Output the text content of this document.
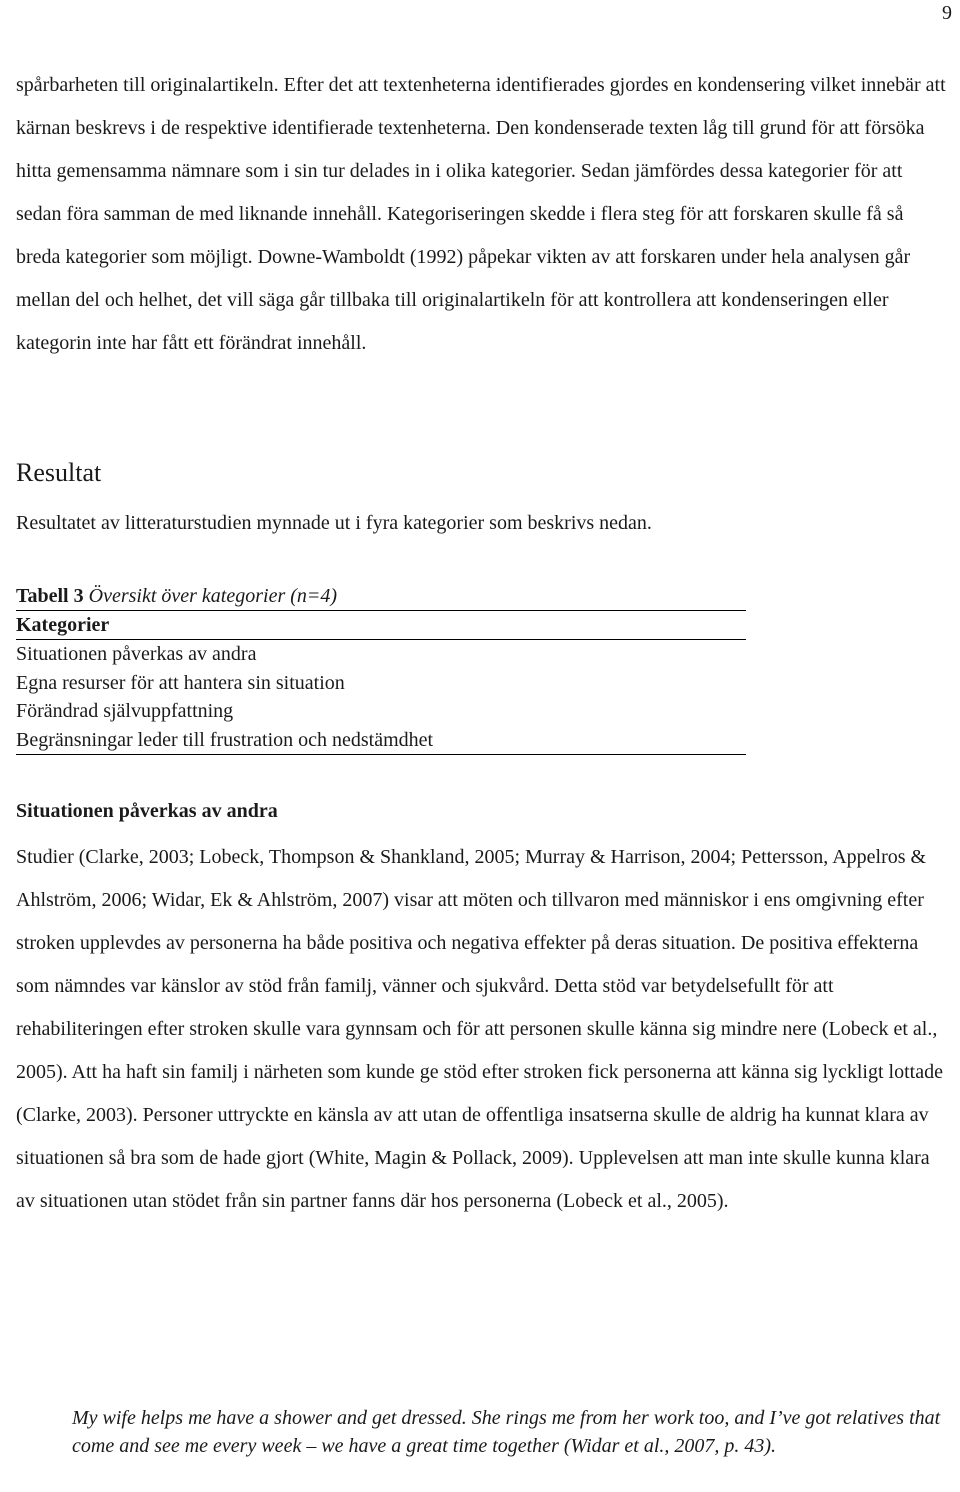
9

spårbarheten till originalartikeln. Efter det att textenheterna identifierades gjordes en kondensering vilket innebär att kärnan beskrevs i de respektive identifierade textenheterna. Den kondenserade texten låg till grund för att försöka hitta gemensamma nämnare som i sin tur delades in i olika kategorier. Sedan jämfördes dessa kategorier för att sedan föra samman de med liknande innehåll. Kategoriseringen skedde i flera steg för att forskaren skulle få så breda kategorier som möjligt. Downe-Wamboldt (1992) påpekar vikten av att forskaren under hela analysen går mellan del och helhet, det vill säga går tillbaka till originalartikeln för att kontrollera att kondenseringen eller kategorin inte har fått ett förändrat innehåll.

Resultat

Resultatet av litteraturstudien mynnade ut i fyra kategorier som beskrivs nedan.

Tabell 3 Översikt över kategorier (n=4)
Kategorier
Situationen påverkas av andra
Egna resurser för att hantera sin situation
Förändrad självuppfattning
Begränsningar leder till frustration och nedstämdhet
Situationen påverkas av andra

Studier (Clarke, 2003; Lobeck, Thompson & Shankland, 2005; Murray & Harrison, 2004; Pettersson, Appelros & Ahlström, 2006; Widar, Ek & Ahlström, 2007) visar att möten och tillvaron med människor i ens omgivning efter stroken upplevdes av personerna ha både positiva och negativa effekter på deras situation. De positiva effekterna som nämndes var känslor av stöd från familj, vänner och sjukvård. Detta stöd var betydelsefullt för att rehabiliteringen efter stroken skulle vara gynnsam och för att personen skulle känna sig mindre nere (Lobeck et al., 2005). Att ha haft sin familj i närheten som kunde ge stöd efter stroken fick personerna att känna sig lyckligt lottade (Clarke, 2003). Personer uttryckte en känsla av att utan de offentliga insatserna skulle de aldrig ha kunnat klara av situationen så bra som de hade gjort (White, Magin & Pollack, 2009). Upplevelsen att man inte skulle kunna klara av situationen utan stödet från sin partner fanns där hos personerna (Lobeck et al., 2005).

My wife helps me have a shower and get dressed. She rings me from her work too, and I’ve got relatives that come and see me every week – we have a great time together (Widar et al., 2007, p. 43).
